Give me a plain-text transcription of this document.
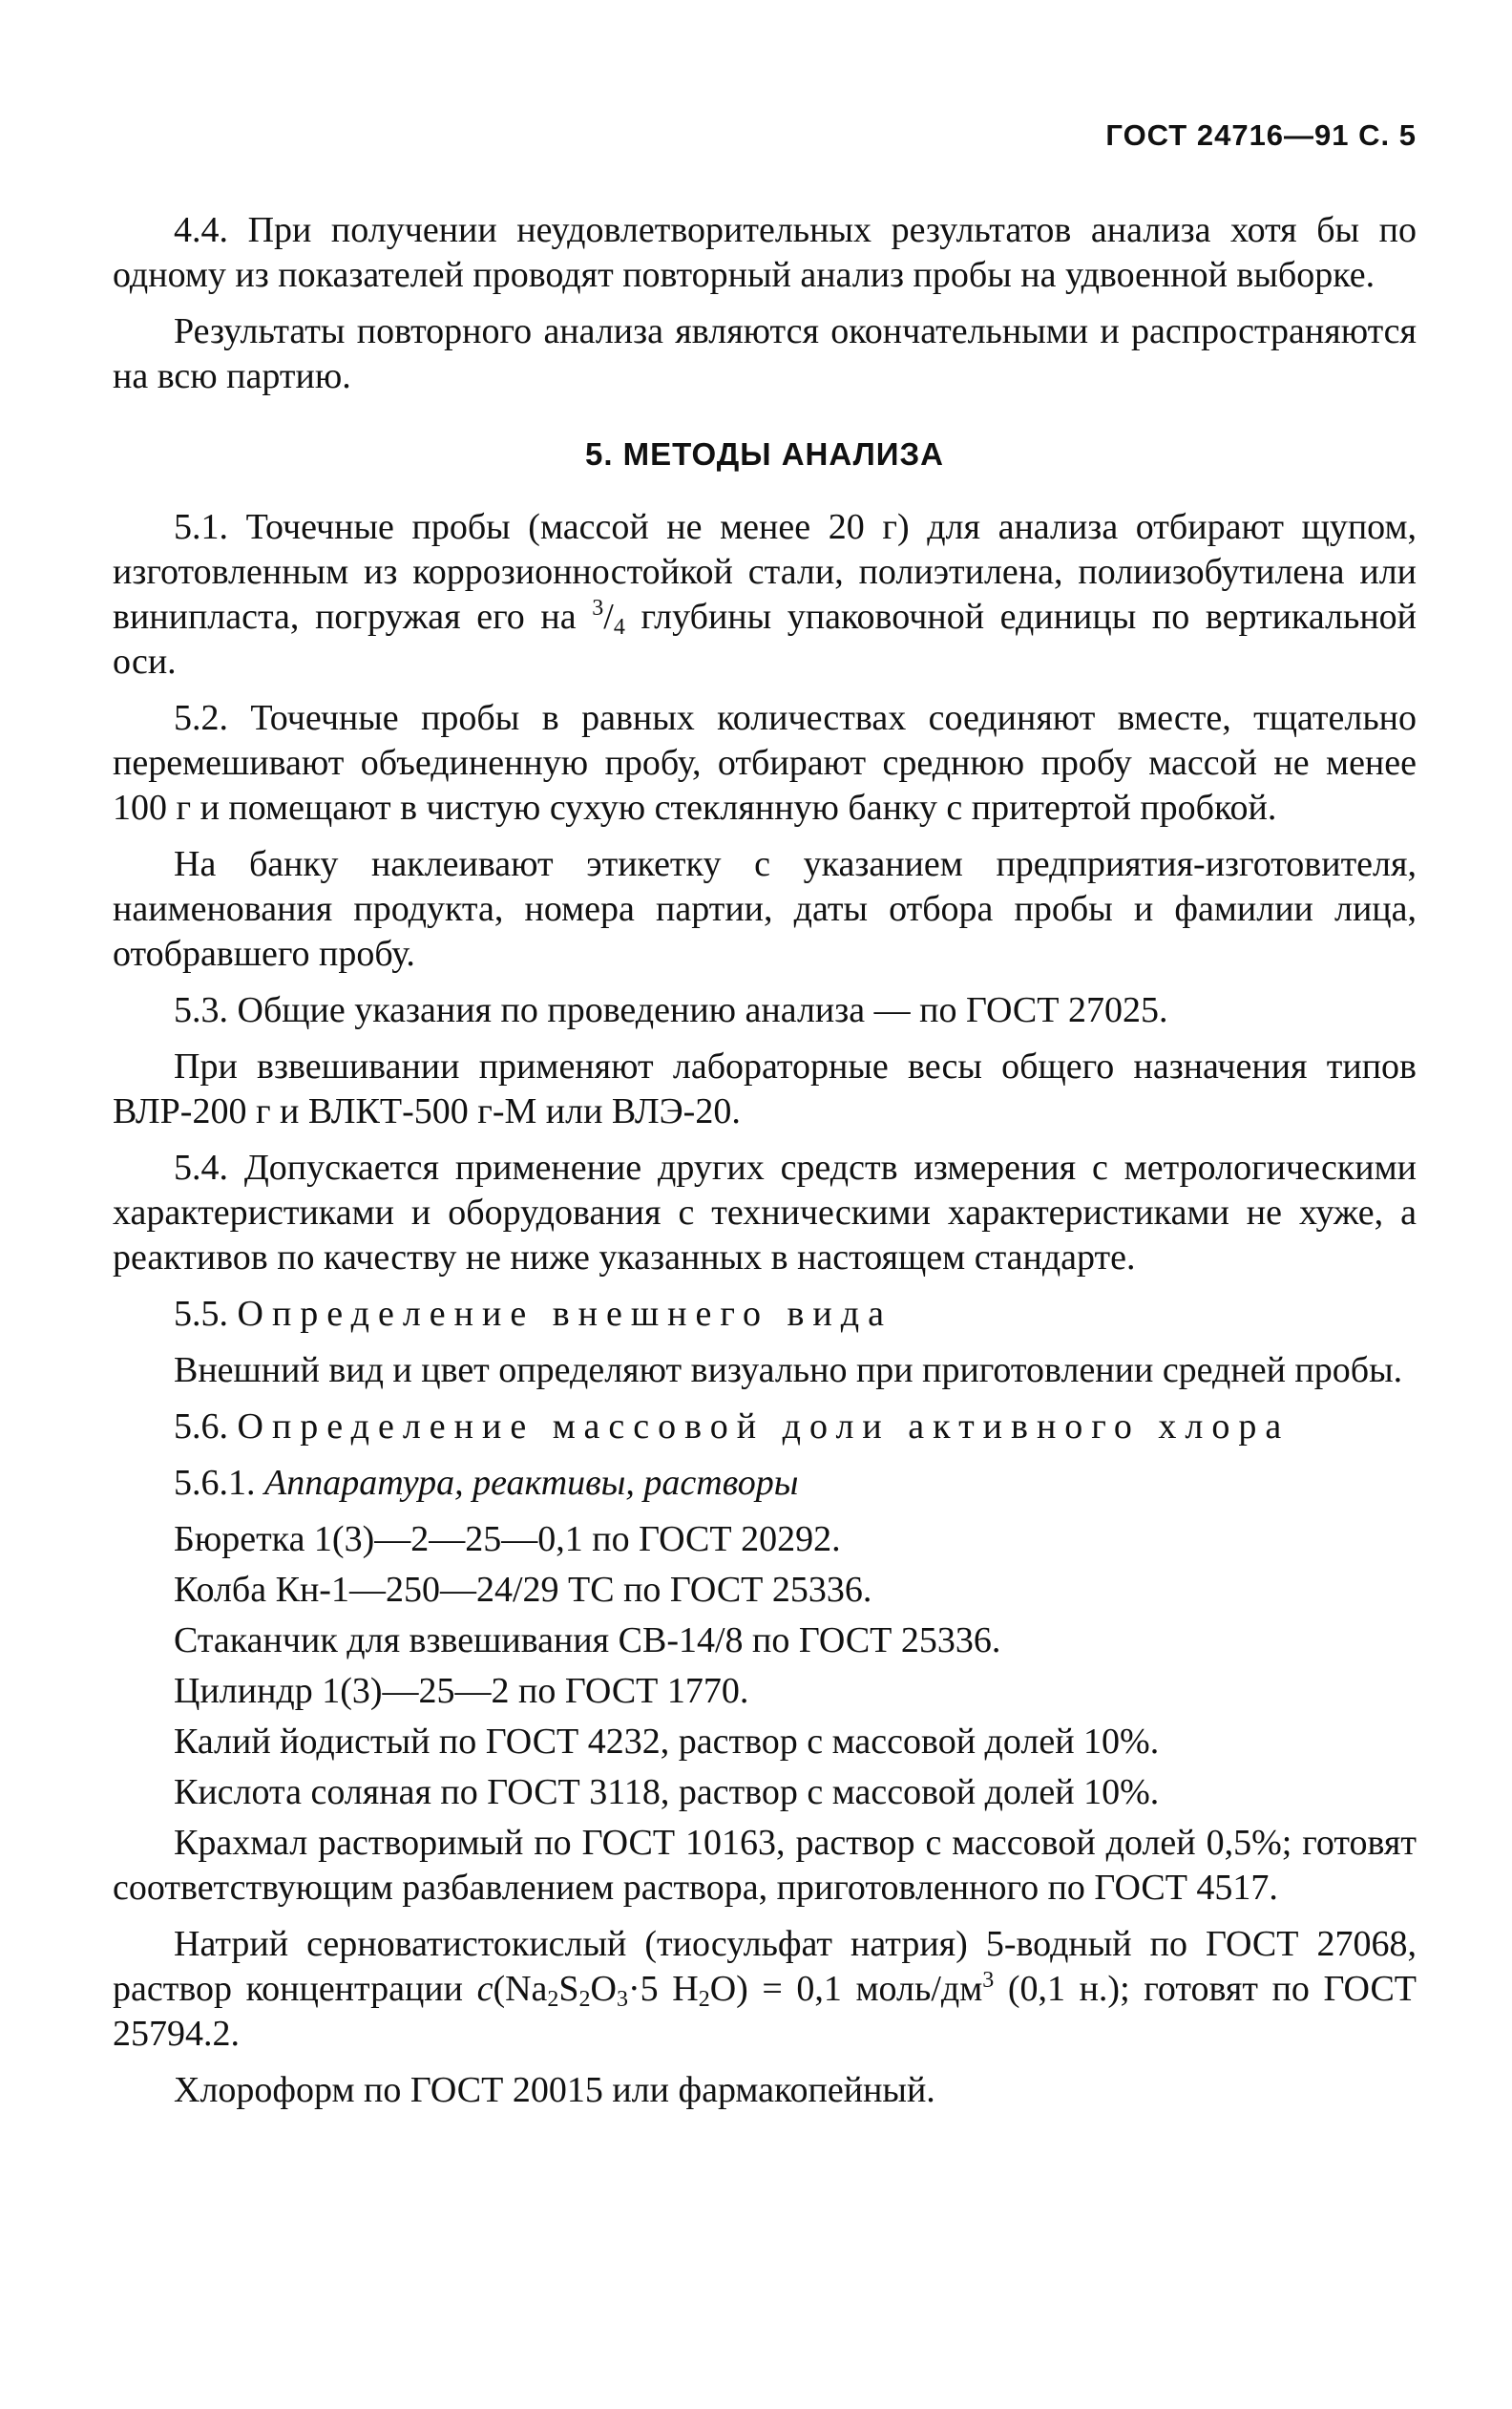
ГОСТ 24716—91 С. 5

4.4. При получении неудовлетворительных результатов анализа хотя бы по одному из показателей проводят повторный анализ пробы на удвоенной выборке.

Результаты повторного анализа являются окончательными и распространяются на всю партию.

5. МЕТОДЫ АНАЛИЗА

5.1. Точечные пробы (массой не менее 20 г) для анализа отбирают щупом, изготовленным из коррозионностойкой стали, полиэтилена, полиизобутилена или винипласта, погружая его на $^3/_4$ глубины упаковочной единицы по вертикальной оси.

5.2. Точечные пробы в равных количествах соединяют вместе, тщательно перемешивают объединенную пробу, отбирают среднюю пробу массой не менее 100 г и помещают в чистую сухую стеклянную банку с притертой пробкой.

На банку наклеивают этикетку с указанием предприятия-изготовителя, наименования продукта, номера партии, даты отбора пробы и фамилии лица, отобравшего пробу.

5.3. Общие указания по проведению анализа — по ГОСТ 27025.

При взвешивании применяют лабораторные весы общего назначения типов ВЛР-200 г и ВЛКТ-500 г-М или ВЛЭ-20.

5.4. Допускается применение других средств измерения с метрологическими характеристиками и оборудования с техническими характеристиками не хуже, а реактивов по качеству не ниже указанных в настоящем стандарте.

5.5. Определение внешнего вида

Внешний вид и цвет определяют визуально при приготовлении средней пробы.

5.6. Определение массовой доли активного хлора

5.6.1. Аппаратура, реактивы, растворы

Бюретка 1(3)—2—25—0,1 по ГОСТ 20292.

Колба Кн-1—250—24/29 ТС по ГОСТ 25336.

Стаканчик для взвешивания СВ-14/8 по ГОСТ 25336.

Цилиндр 1(3)—25—2 по ГОСТ 1770.

Калий йодистый по ГОСТ 4232, раствор с массовой долей 10%.

Кислота соляная по ГОСТ 3118, раствор с массовой долей 10%.

Крахмал растворимый по ГОСТ 10163, раствор с массовой долей 0,5%; готовят соответствующим разбавлением раствора, приготовленного по ГОСТ 4517.

Натрий серноватистокислый (тиосульфат натрия) 5-водный по ГОСТ 27068, раствор концентрации $c(Na_2S_2O_3\cdot 5$ $H_2O) = 0,1$ моль/$дм^3$ (0,1 н.); готовят по ГОСТ 25794.2.

Хлороформ по ГОСТ 20015 или фармакопейный.
